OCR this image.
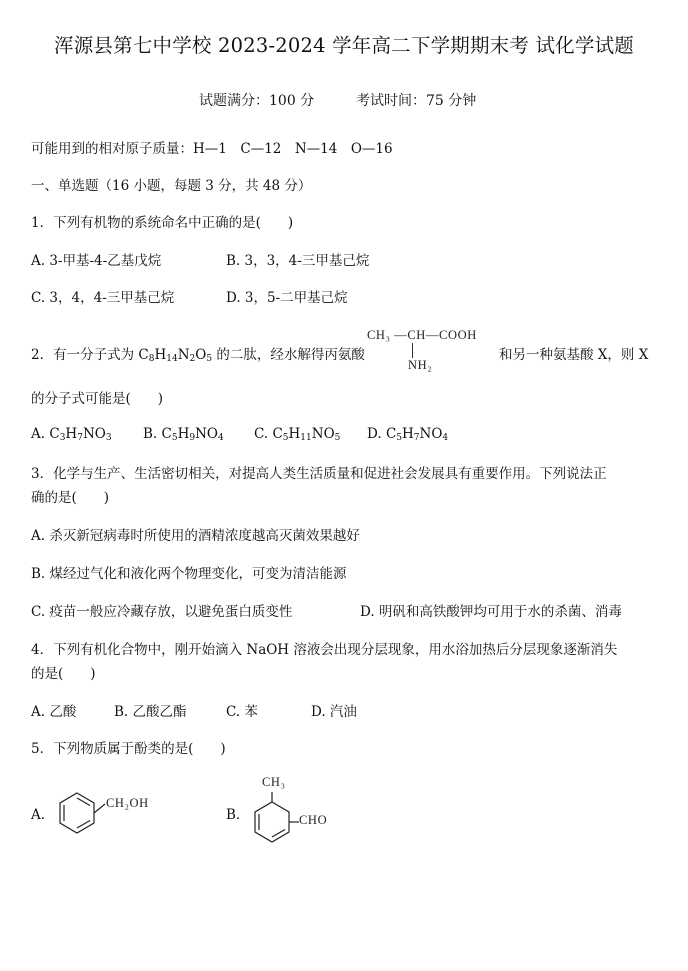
浑源县第七中学校 2023-2024 学年高二下学期期末考 试化学试题
试题满分：100 分	考试时间：75 分钟
可能用到的相对原子质量：H—1　C—12　N—14　O—16
一、单选题（16 小题，每题 3 分，共 48 分）
1．下列有机物的系统命名中正确的是(　　)
A. 3-甲基-4-乙基戊烷	B. 3，3，4-三甲基己烷
C. 3，4，4-三甲基己烷	D. 3，5-二甲基己烷
2．有一分子式为 $C_8H_{14}N_2O_5$ 的二肽，经水解得丙氨酸
CH₃ —CH—COOH
NH₂
和另一种氨基酸 X，则 X
的分子式可能是(　　)
A. $C_3H_7NO_3$ B. $C_5H_9NO_4$ C. $C_5H_{11}NO_5$ D. $C_5H_7NO_4$
3．化学与生产、生活密切相关，对提高人类生活质量和促进社会发展具有重要作用。下列说法正
确的是(　　)
A. 杀灭新冠病毒时所使用的酒精浓度越高灭菌效果越好
B. 煤经过气化和液化两个物理变化，可变为清洁能源
C. 疫苗一般应冷藏存放，以避免蛋白质变性	D. 明矾和高铁酸钾均可用于水的杀菌、消毒
4．下列有机化合物中，刚开始滴入 NaOH 溶液会出现分层现象，用水浴加热后分层现象逐渐消失
的是(　　)
A. 乙酸	B. 乙酸乙酯	C. 苯	D. 汽油
5．下列物质属于酚类的是(　　)
A.
CH₂OH
B.
CH₃
CHO
